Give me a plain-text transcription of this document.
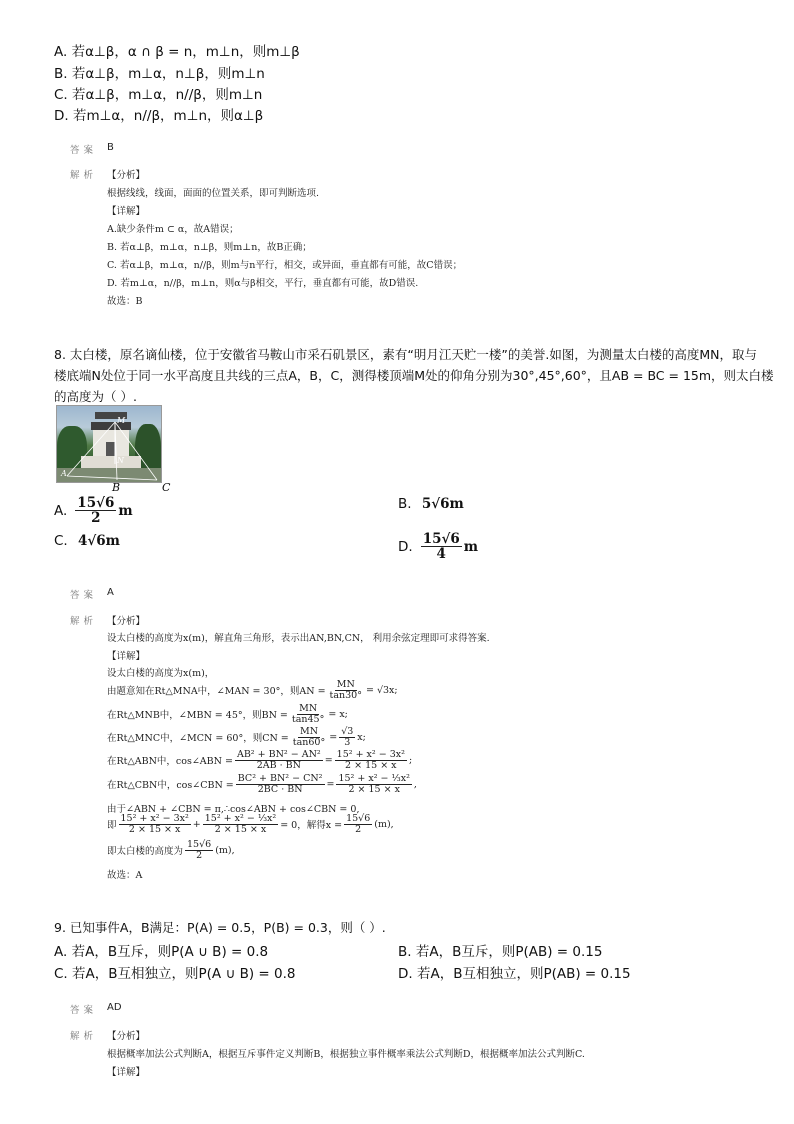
A. 若α⊥β，α ∩ β = n，m⊥n，则m⊥β
B. 若α⊥β，m⊥α，n⊥β，则m⊥n
C. 若α⊥β，m⊥α，n//β，则m⊥n
D. 若m⊥α，n//β，m⊥n，则α⊥β
答案 B
解析 【分析】
根据线线，线面，面面的位置关系，即可判断选项.
【详解】
A.缺少条件m ⊂ α，故A错误；
B. 若α⊥β，m⊥α，n⊥β，则m⊥n，故B正确；
C. 若α⊥β，m⊥α，n//β，则m与n平行，相交，或异面，垂直都有可能，故C错误；
D. 若m⊥α，n//β，m⊥n，则α与β相交，平行，垂直都有可能，故D错误.
故选：B
8. 太白楼，原名谪仙楼，位于安徽省马鞍山市采石矶景区，素有“明月江天贮一楼”的美誉.如图，为测量太白楼的高度MN，取与
楼底端N处位于同一水平高度且共线的三点A，B，C，测得楼顶端M处的仰角分别为30°,45°,60°，且AB = BC = 15m，则太白楼
的高度为（ ）.
M
N
A
B	C
A. $\frac{15√6}{2}$ m	B. 5√6m
C. 4√6m	D. $\frac{15√6}{4}$ m
答案 A
解析 【分析】
设太白楼的高度为x(m)，解直角三角形，表示出AN,BN,CN， 利用余弦定理即可求得答案.
【详解】
设太白楼的高度为x(m)，
由题意知在Rt△MNA中，∠MAN = 30°，则AN = $\frac{MN}{\tan 30^\circ} = √3x$;
在Rt△MNB中，∠MBN = 45°，则BN = $\frac{MN}{\tan 45^\circ} = x$;
在Rt△MNC中，∠MCN = 60°，则CN = $\frac{MN}{\tan 60^\circ} = \frac{√3}{3} x$;
在Rt△ABN中，cos∠ABN = $\frac{\text{AB² + BN² − AN²}}{2AB \cdot BN} = \frac{\text{15² + x² − 3x²}}{2 \times 15 \times x}$ ;
在Rt△CBN中，cos∠CBN = $\frac{\text{BC² + BN² − CN²}}{2BC \cdot BN} = \frac{\text{15² + x² − ⅓x²}}{2 \times 15 \times x}$ ,
由于∠ABN + ∠CBN = π,∴cos∠ABN + cos∠CBN = 0,
即 $\frac{\text{15² + x² − 3x²}}{2 \times 15 \times x} + \frac{\text{15² + x² − ⅓x²}}{2 \times 15 \times x} = 0$，解得$x = \frac{15√6}{2} (m)$,
即太白楼的高度为 $\frac{15√6}{2} (m)$,
故选：A
9. 已知事件A，B满足：P(A) = 0.5，P(B) = 0.3，则（ ）.
A. 若A，B互斥，则P(A ∪ B) = 0.8	B. 若A，B互斥，则P(AB) = 0.15
C. 若A，B互相独立，则P(A ∪ B) = 0.8	D. 若A，B互相独立，则P(AB) = 0.15
答案 AD
解析 【分析】
根据概率加法公式判断A，根据互斥事件定义判断B，根据独立事件概率乘法公式判断D，根据概率加法公式判断C.
【详解】
